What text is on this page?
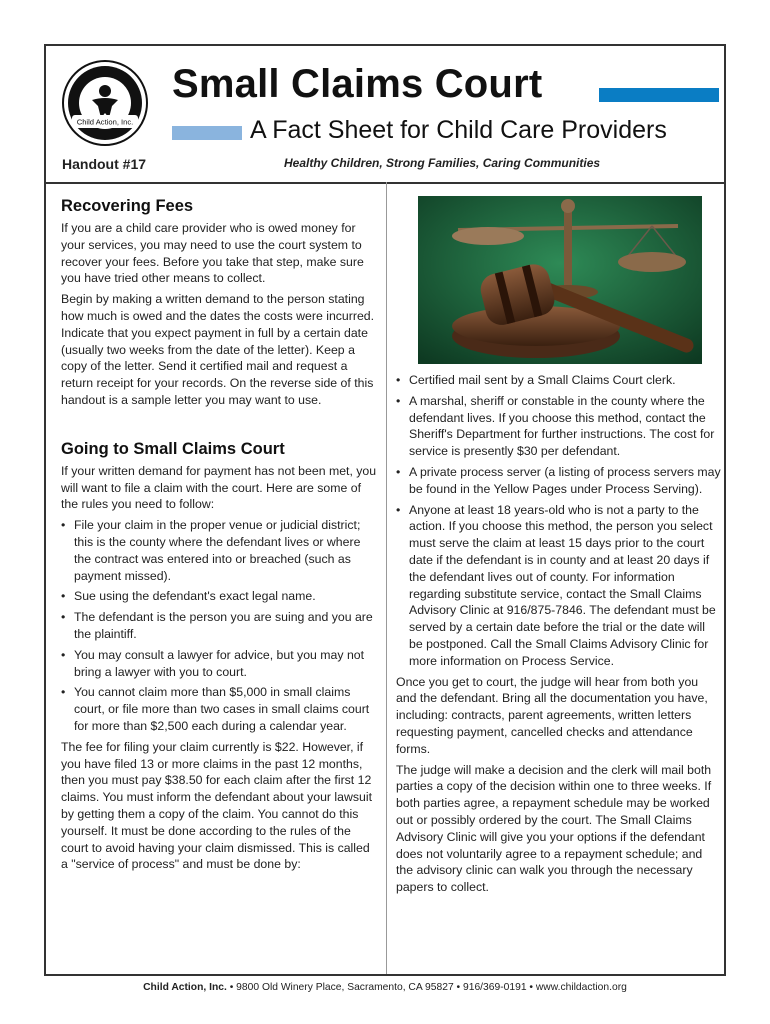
Child Action, Inc.
Small Claims Court
A Fact Sheet for Child Care Providers
Handout #17	Healthy Children, Strong Families, Caring Communities
Recovering Fees

If you are a child care provider who is owed money for your services, you may need to use the court system to recover your fees. Before you take that step, make sure you have tried other means to collect.

Begin by making a written demand to the person stating how much is owed and the dates the costs were incurred. Indicate that you expect payment in full by a certain date (usually two weeks from the date of the letter). Keep a copy of the letter. Send it certified mail and request a return receipt for your records. On the reverse side of this handout is a sample letter you may want to use.

Going to Small Claims Court

If your written demand for payment has not been met, you will want to file a claim with the court. Here are some of the rules you need to follow:

• File your claim in the proper venue or judicial district; this is the county where the defendant lives or where the contract was entered into or breached (such as payment missed).
• Sue using the defendant's exact legal name.
• The defendant is the person you are suing and you are the plaintiff.
• You may consult a lawyer for advice, but you may not bring a lawyer with you to court.
• You cannot claim more than $5,000 in small claims court, or file more than two cases in small claims court for more than $2,500 each during a calendar year.

The fee for filing your claim currently is $22. However, if you have filed 13 or more claims in the past 12 months, then you must pay $38.50 for each claim after the first 12 claims. You must inform the defendant about your lawsuit by getting them a copy of the claim. You cannot do this yourself. It must be done according to the rules of the court to avoid having your claim dismissed. This is called a "service of process" and must be done by:

• Certified mail sent by a Small Claims Court clerk.
• A marshal, sheriff or constable in the county where the defendant lives. If you choose this method, contact the Sheriff's Department for further instructions. The cost for service is presently $30 per defendant.
• A private process server (a listing of process servers may be found in the Yellow Pages under Process Serving).
• Anyone at least 18 years-old who is not a party to the action. If you choose this method, the person you select must serve the claim at least 15 days prior to the court date if the defendant is in county and at least 20 days if the defendant lives out of county. For information regarding substitute service, contact the Small Claims Advisory Clinic at 916/875-7846. The defendant must be served by a certain date before the trial or the date will be postponed. Call the Small Claims Advisory Clinic for more information on Process Service.

Once you get to court, the judge will hear from both you and the defendant. Bring all the documentation you have, including: contracts, parent agreements, written letters requesting payment, cancelled checks and attendance forms.

The judge will make a decision and the clerk will mail both parties a copy of the decision within one to three weeks. If both parties agree, a repayment schedule may be worked out or possibly ordered by the court. The Small Claims Advisory Clinic will give you your options if the defendant does not voluntarily agree to a repayment schedule; and the advisory clinic can walk you through the necessary papers to collect.

Child Action, Inc. • 9800 Old Winery Place, Sacramento, CA 95827 • 916/369-0191 • www.childaction.org
